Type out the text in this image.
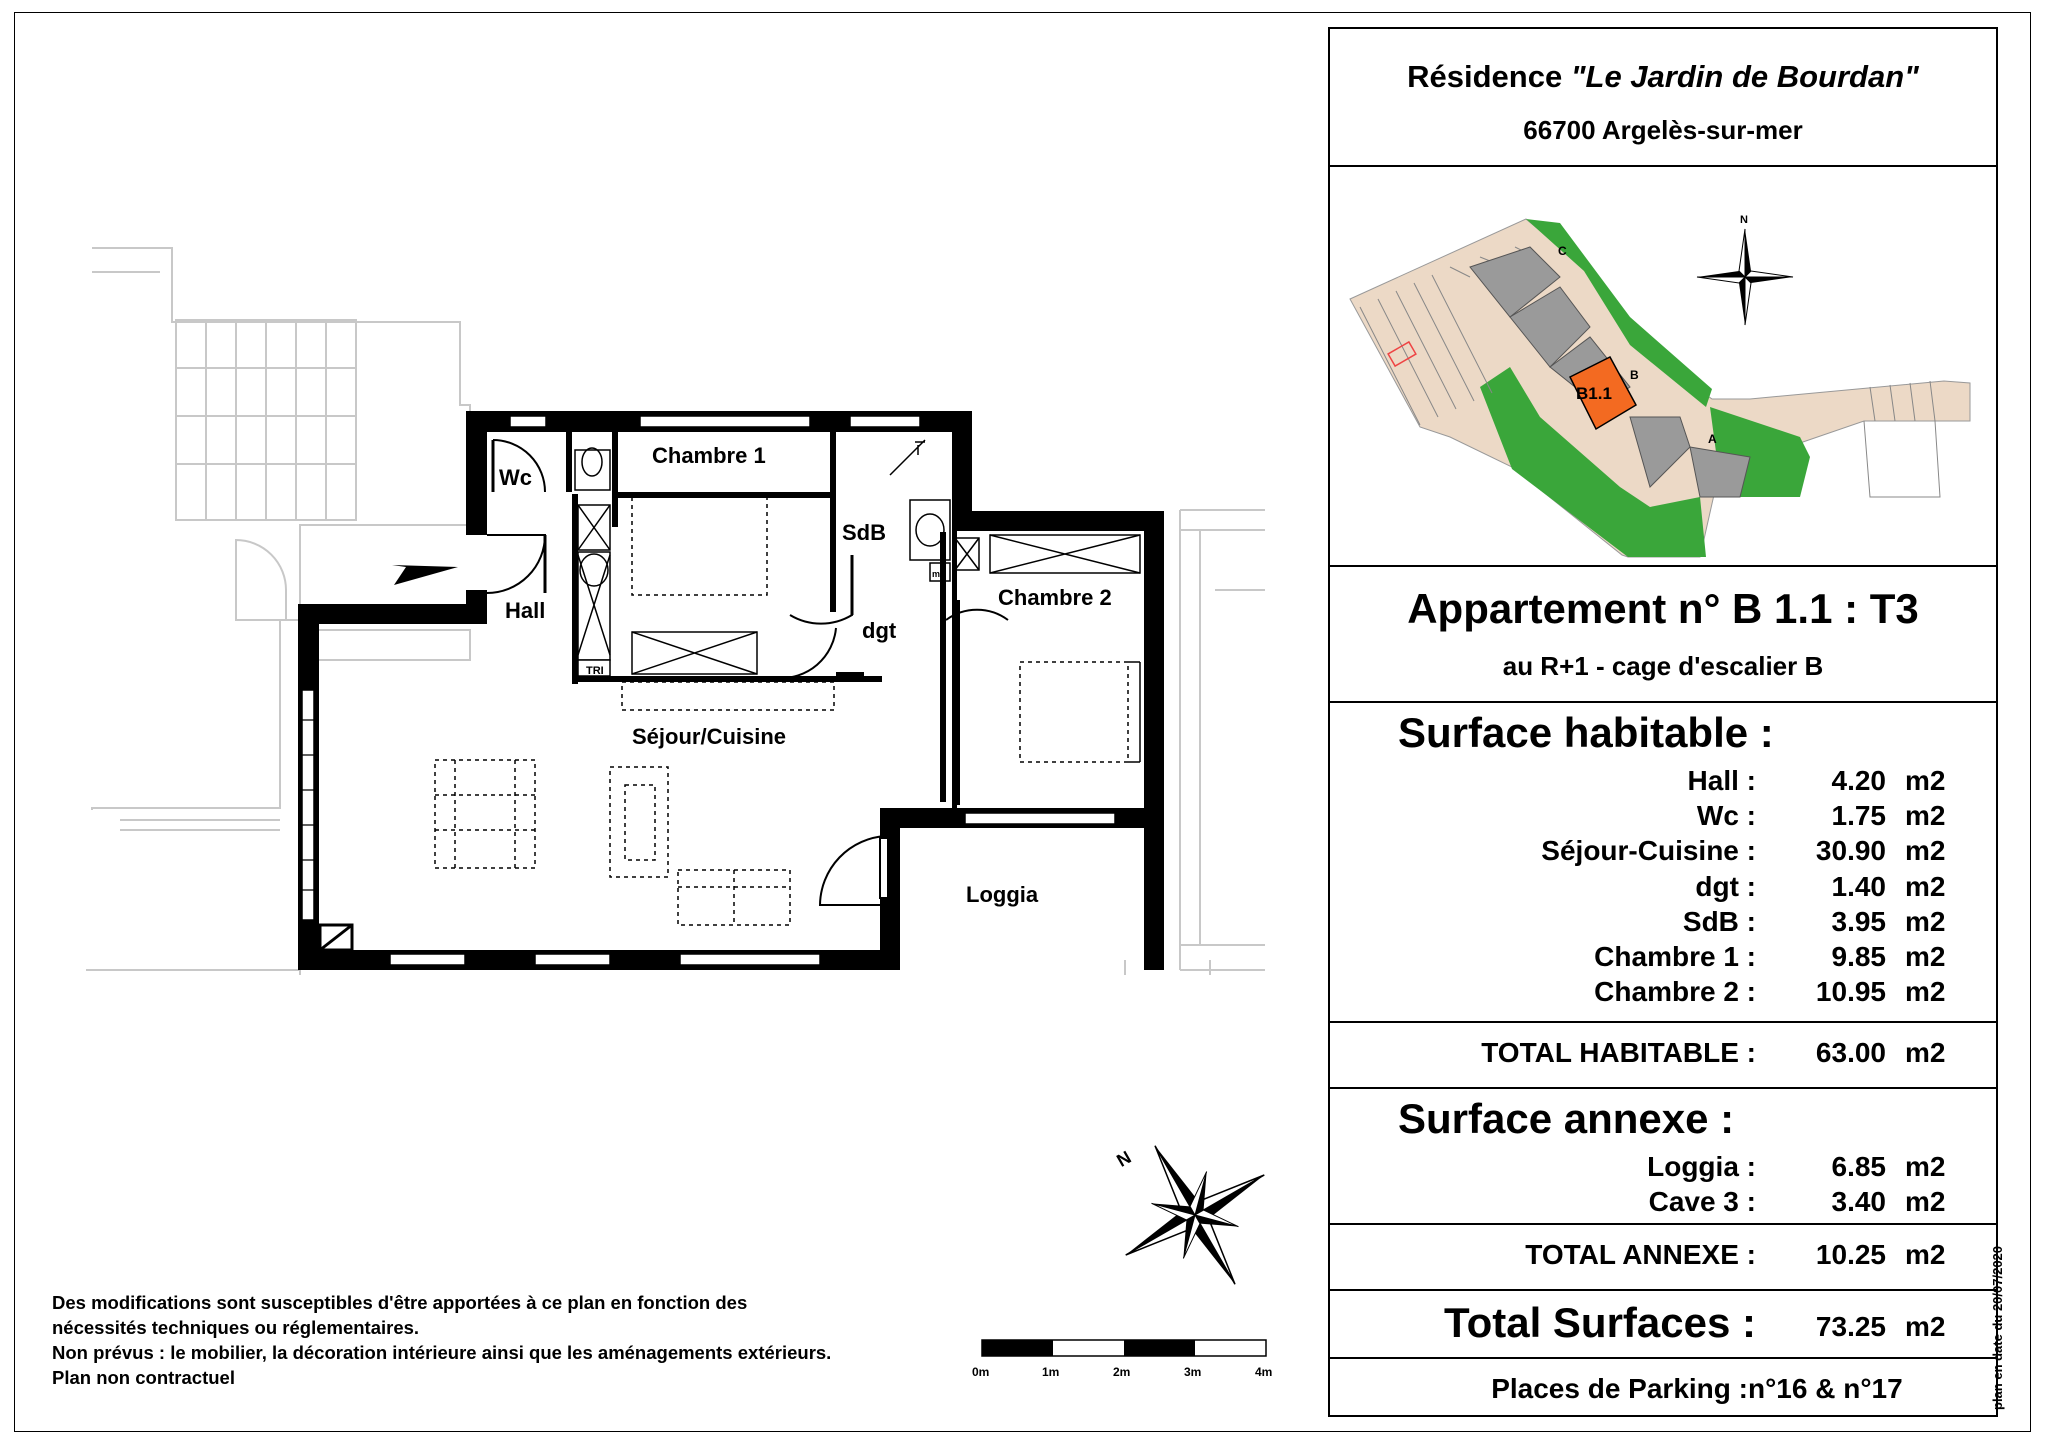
Wc
Hall
Chambre 1
SdB
dgt
Chambre 2
Séjour/Cuisine
Loggia
TRI
mll
N
0m	1m	2m	3m	4m
Des modifications sont susceptibles d'être apportées à ce plan en fonction des
nécessités techniques ou réglementaires.
Non prévus : le mobilier, la décoration intérieure ainsi que les aménagements extérieurs.
Plan non contractuel
Résidence "Le Jardin de Bourdan"
66700 Argelès-sur-mer
B1.1
C
B
A
N
Appartement n° B 1.1 : T3
au R+1 - cage d'escalier B
Surface habitable :
Hall :	4.20 m2
Wc :	1.75 m2
Séjour-Cuisine :	30.90 m2
dgt :	1.40 m2
SdB :	3.95 m2
Chambre 1 :	9.85 m2
Chambre 2 :	10.95 m2
TOTAL HABITABLE :	63.00 m2
Surface annexe :
Loggia :	6.85 m2
Cave 3 :	3.40 m2
TOTAL ANNEXE :	10.25 m2
Total Surfaces :	73.25 m2
Places de Parking : n°16 & n°17	plan en date du 20/07/2020
